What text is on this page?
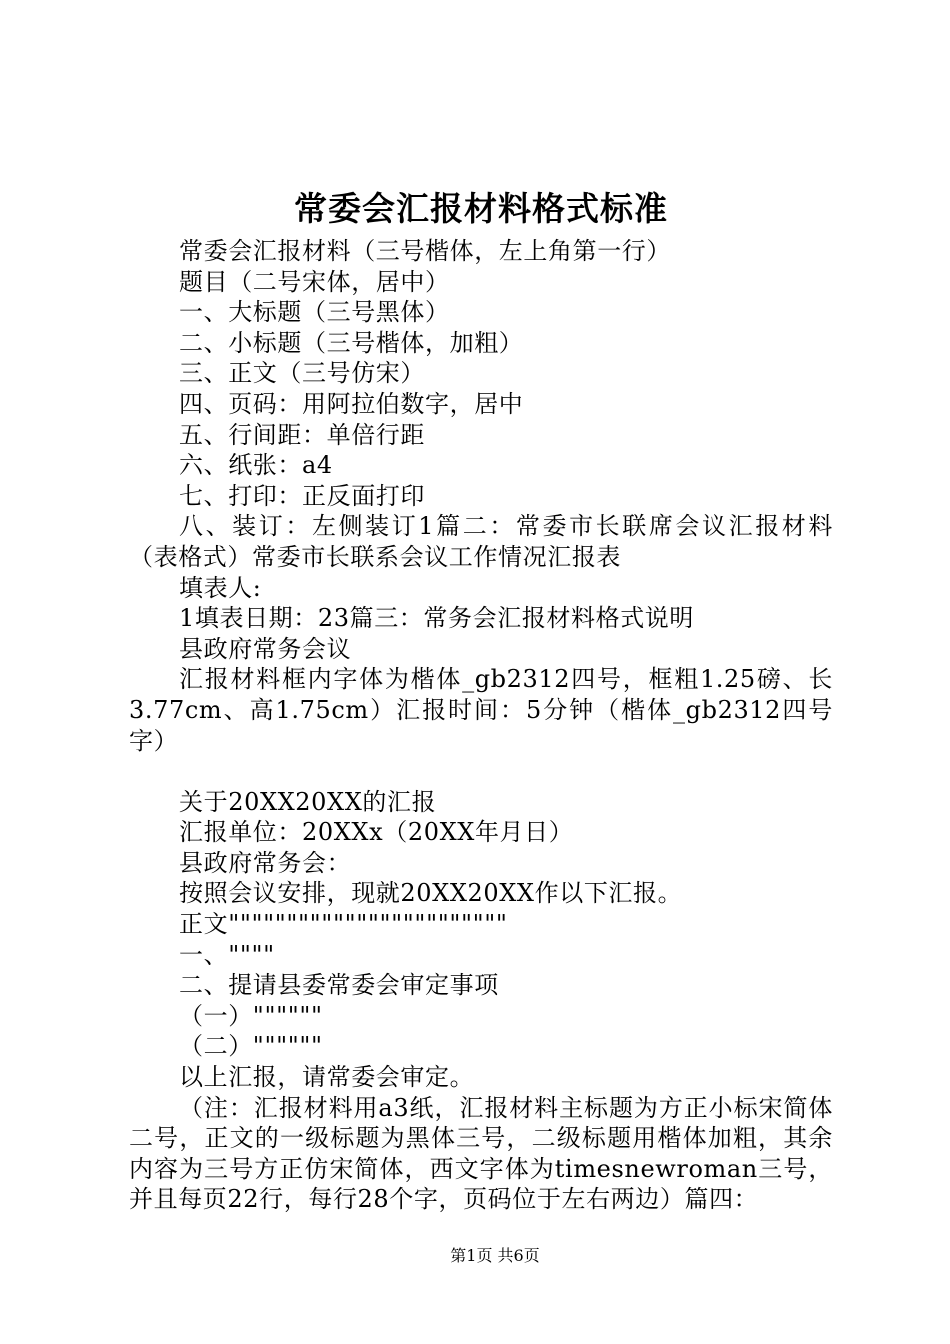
常委会汇报材料格式标准

常委会汇报材料（三号楷体，左上角第一行）

题目（二号宋体，居中）

一、大标题（三号黑体）

二、小标题（三号楷体，加粗）

三、正文（三号仿宋）

四、页码：用阿拉伯数字，居中

五、行间距：单倍行距

六、纸张：a4

七、打印：正反面打印

八、装订：左侧装订1篇二：常委市长联席会议汇报材料（表格式）常委市长联系会议工作情况汇报表

填表人:

1填表日期：23篇三：常务会汇报材料格式说明

县政府常务会议

汇报材料框内字体为楷体_gb2312四号，框粗1.25磅、长3.77cm、高1.75cm）汇报时间：5分钟（楷体_gb2312四号字）

关于20XX20XX的汇报

汇报单位：20XXx（20XX年月日）

县政府常务会：

按照会议安排，现就20XX20XX作以下汇报。

正文""""""""""""""""""""""""

一、""""

二、提请县委常委会审定事项

（一）""""""

（二）""""""

以上汇报，请常委会审定。

（注：汇报材料用a3纸，汇报材料主标题为方正小标宋简体二号，正文的一级标题为黑体三号，二级标题用楷体加粗，其余内容为三号方正仿宋简体，西文字体为timesnewroman三号，并且每页22行，每行28个字，页码位于左右两边）篇四：

第1页 共6页
